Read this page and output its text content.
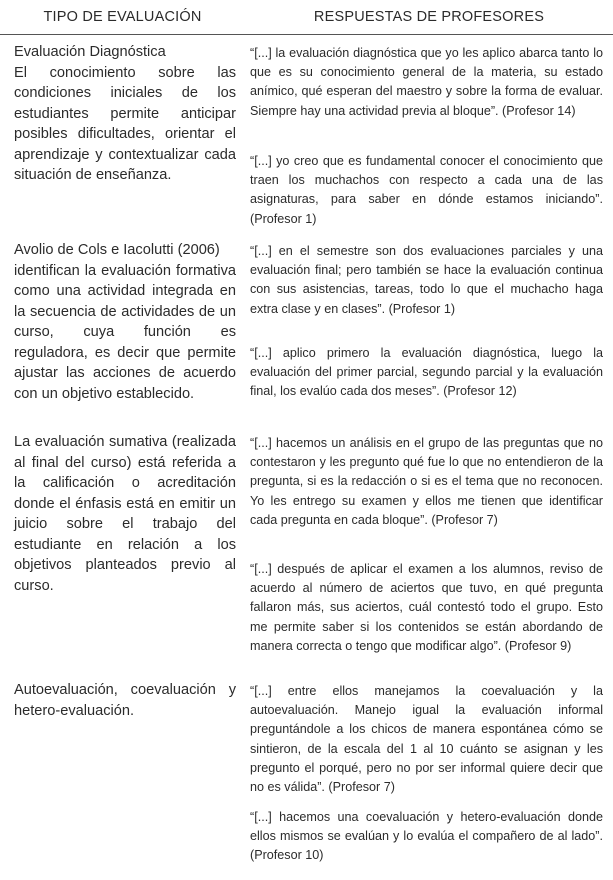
TIPO DE EVALUACIÓN	RESPUESTAS DE PROFESORES
Evaluación Diagnóstica
El conocimiento sobre las condiciones iniciales de los estudiantes permite anticipar posibles dificultades, orientar el aprendizaje y contextualizar cada situación de enseñanza.
“[...] la evaluación diagnóstica que yo les aplico abarca tanto lo que es su conocimiento general de la materia, su estado anímico, qué esperan del maestro y sobre la forma de evaluar. Siempre hay una actividad previa al bloque”. (Profesor 14)
“[...] yo creo que es fundamental conocer el conocimiento que traen los muchachos con respecto a cada una de las asignaturas, para saber en dónde estamos iniciando”. (Profesor 1)
Avolio de Cols e Iacolutti (2006)
identifican la evaluación formativa como una actividad integrada en la secuencia de actividades de un curso, cuya función es reguladora, es decir que permite ajustar las acciones de acuerdo con un objetivo establecido.
“[...] en el semestre son dos evaluaciones parciales y una evaluación final; pero también se hace la evaluación continua con sus asistencias, tareas, todo lo que el muchacho haga extra clase y en clases”. (Profesor 1)
“[...] aplico primero la evaluación diagnóstica, luego la evaluación del primer parcial, segundo parcial y la evaluación final, los evalúo cada dos meses”. (Profesor 12)
La evaluación sumativa (realizada al final del curso) está referida a la calificación o acreditación donde el énfasis está en emitir un juicio sobre el trabajo del estudiante en relación a los objetivos planteados previo al curso.
“[...] hacemos un análisis en el grupo de las preguntas que no contestaron y les pregunto qué fue lo que no entendieron de la pregunta, si es la redacción o si es el tema que no reconocen. Yo les entrego su examen y ellos me tienen que identificar cada pregunta en cada bloque”. (Profesor 7)
“[...] después de aplicar el examen a los alumnos, reviso de acuerdo al número de aciertos que tuvo, en qué pregunta fallaron más, sus aciertos, cuál contestó todo el grupo. Esto me permite saber si los contenidos se están abordando de manera correcta o tengo que modificar algo”. (Profesor 9)
Autoevaluación, coevaluación y hetero-evaluación.
“[...] entre ellos manejamos la coevaluación y la autoevaluación. Manejo igual la evaluación informal preguntándole a los chicos de manera espontánea cómo se sintieron, de la escala del 1 al 10 cuánto se asignan y les pregunto el porqué, pero no por ser informal quiere decir que no es válida”. (Profesor 7)
“[...] hacemos una coevaluación y hetero-evaluación donde ellos mismos se evalúan y lo evalúa el compañero de al lado”. (Profesor 10)
